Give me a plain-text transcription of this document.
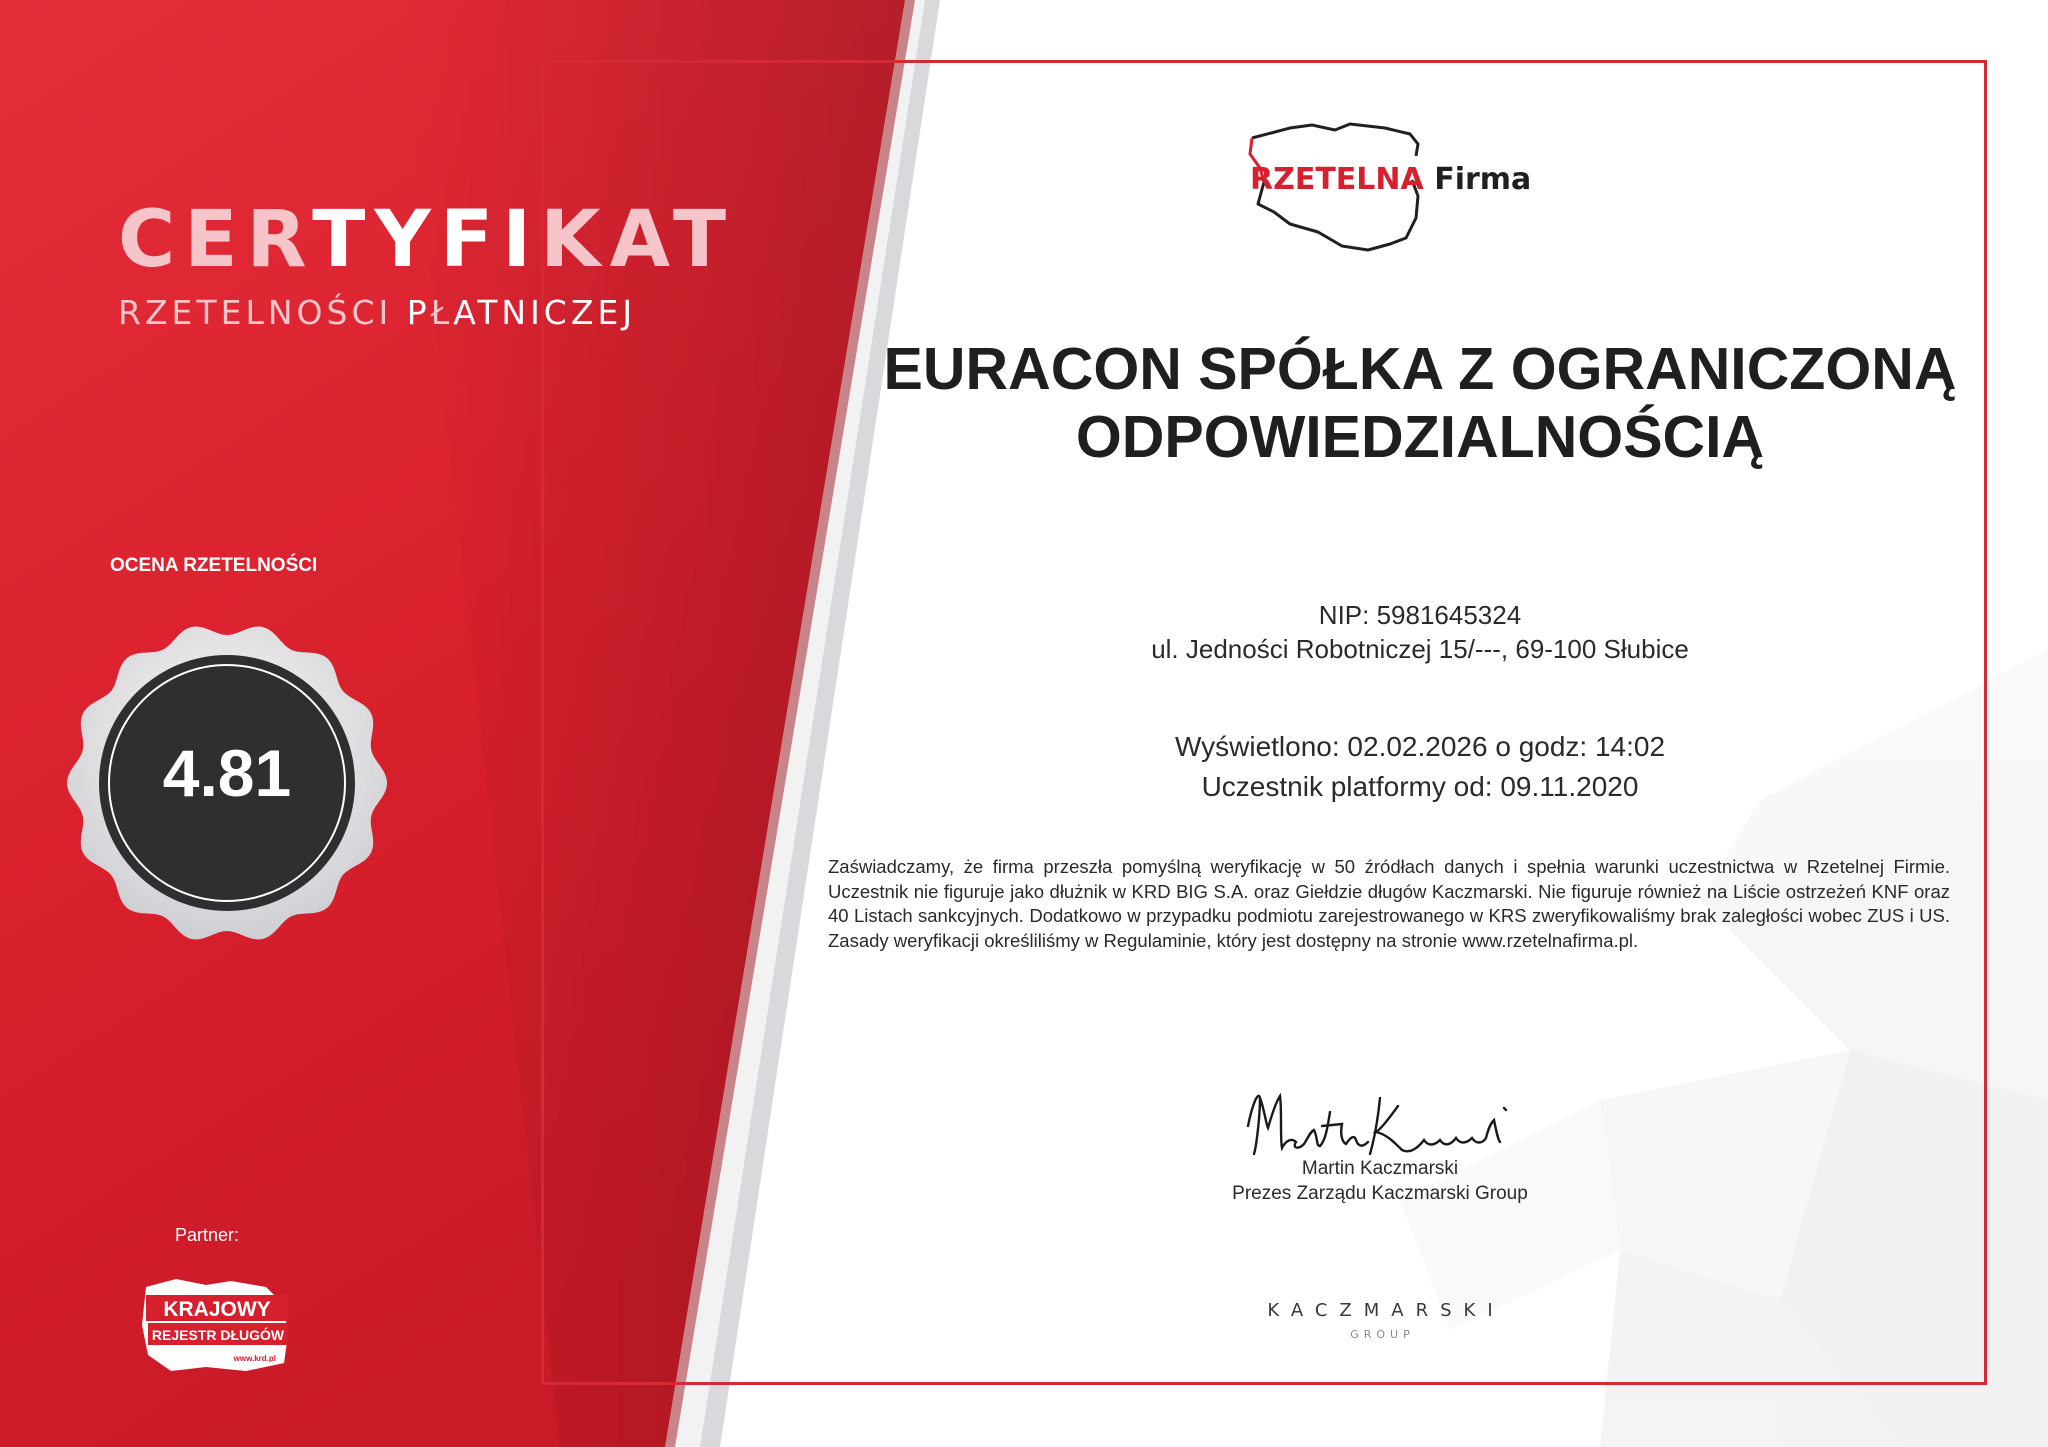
CERTYFIKAT
RZETELNOŚCI PŁATNICZEJ
OCENA RZETELNOŚCI
4.81
Partner:
KRAJOWY
REJESTR DŁUGÓW
www.krd.pl
RZETELNA Firma
EURACON SPÓŁKA Z OGRANICZONĄ ODPOWIEDZIALNOŚCIĄ
NIP: 5981645324
ul. Jedności Robotniczej 15/---, 69-100 Słubice
Wyświetlono: 02.02.2026 o godz: 14:02
Uczestnik platformy od: 09.11.2020
Zaświadczamy, że firma przeszła pomyślną weryfikację w 50 źródłach danych i spełnia warunki uczestnictwa w Rzetelnej Firmie. Uczestnik nie figuruje jako dłużnik w KRD BIG S.A. oraz Giełdzie długów Kaczmarski. Nie figuruje również na Liście ostrzeżeń KNF oraz 40 Listach sankcyjnych. Dodatkowo w przypadku podmiotu zarejestrowanego w KRS zweryfikowaliśmy brak zaległości wobec ZUS i US. Zasady weryfikacji określiliśmy w Regulaminie, który jest dostępny na stronie www.rzetelnafirma.pl.
Martin Kaczmarski
Prezes Zarządu Kaczmarski Group
KACZMARSKI
GROUP
